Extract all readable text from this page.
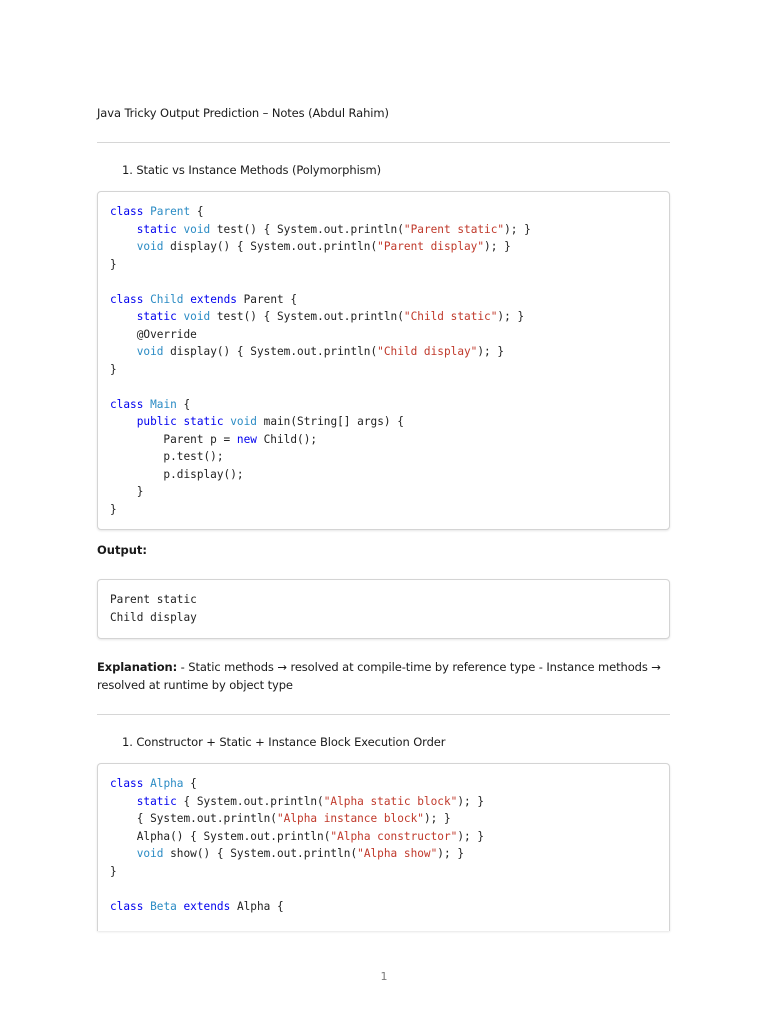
Java Tricky Output Prediction – Notes (Abdul Rahim)
1. Static vs Instance Methods (Polymorphism)
class Parent {
static void test() { System.out.println("Parent static"); }
void display() { System.out.println("Parent display"); }
}
class Child extends Parent {
static void test() { System.out.println("Child static"); }
@Override
void display() { System.out.println("Child display"); }
}
class Main {
public static void main(String[] args) {
Parent p = new Child();
p.test();
p.display();
}
}

Output:

Parent static
Child display

Explanation: - Static methods → resolved at compile-time by reference type - Instance methods → resolved at runtime by object type

1. Constructor + Static + Instance Block Execution Order
class Alpha {
static { System.out.println("Alpha static block"); }
{ System.out.println("Alpha instance block"); }
Alpha() { System.out.println("Alpha constructor"); }
void show() { System.out.println("Alpha show"); }
}
class Beta extends Alpha {
1
